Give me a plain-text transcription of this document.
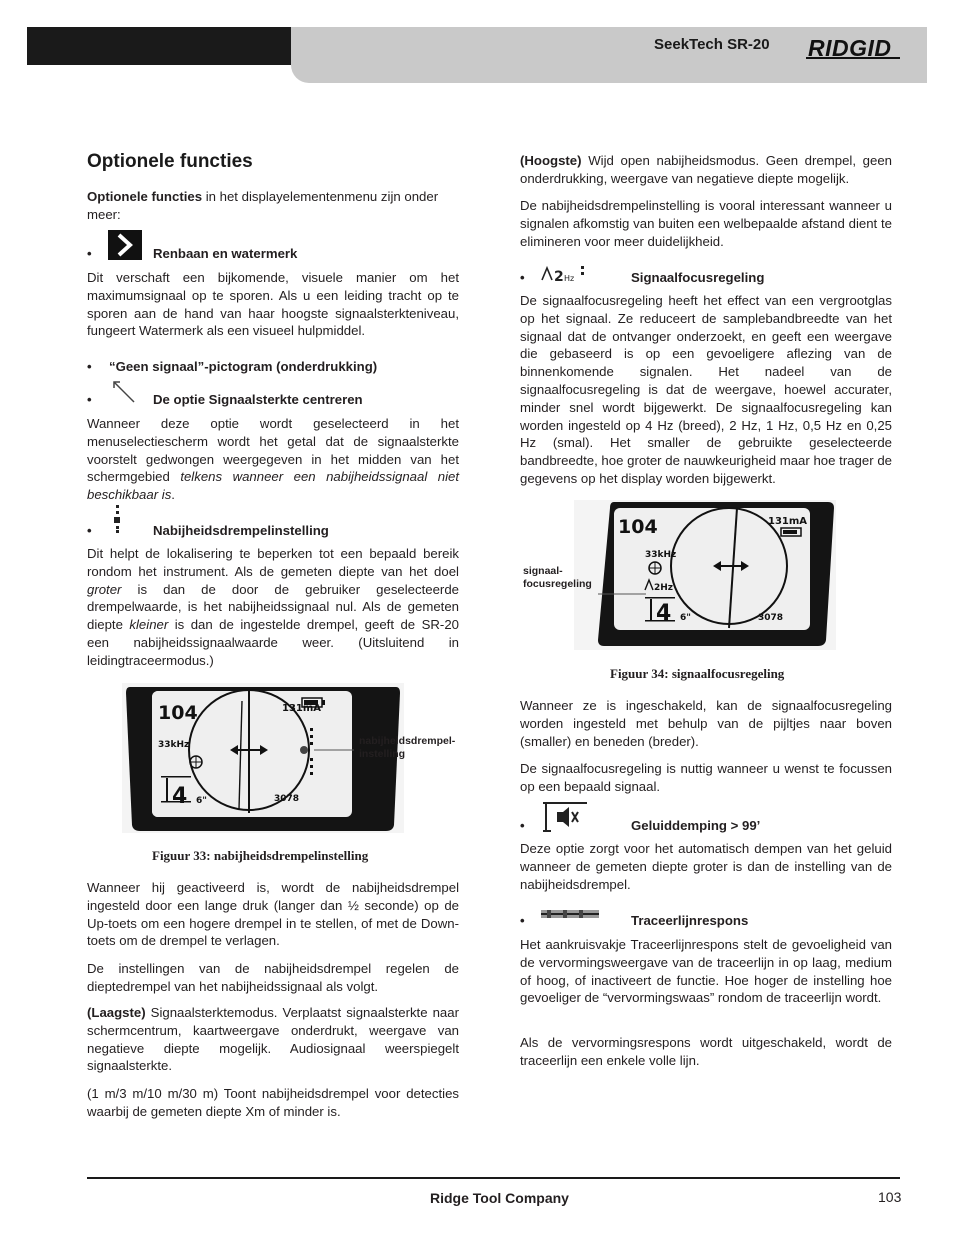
SeekTech SR-20 RIDGID
Optionele functies
Optionele functies in het displayelementenmenu zijn onder meer:
•	Renbaan en watermerk
Dit verschaft een bijkomende, visuele manier om het maximumsignaal op te sporen. Als u een leiding tracht op te sporen aan de hand van haar hoogste signaalsterkteniveau, fungeert Watermerk als een visueel hulpmiddel.
• “Geen signaal”-pictogram (onderdrukking)
•	De optie Signaalsterkte centreren
Wanneer deze optie wordt geselecteerd in het menuselectiescherm wordt het getal dat de signaalsterkte voorstelt gedwongen weergegeven in het midden van het schermgebied telkens wanneer een nabijheidssignaal niet beschikbaar is.
•	Nabijheidsdrempelinstelling
Dit helpt de lokalisering te beperken tot een bepaald bereik rondom het instrument. Als de gemeten diepte van het doel groter is dan de door de gebruiker geselecteerde drempelwaarde, is het nabijheidssignaal nul. Als de gemeten diepte kleiner is dan de ingestelde drempel, geeft de SR-20 een nabijheidssignaalwaarde weer. (Uitsluitend in leidingtraceermodus.)
131mA
3078
104
33kHz
4 6"
nabijheidsdrempel-instelling
Figuur 33: nabijheidsdrempelinstelling
Wanneer hij geactiveerd is, wordt de nabijheidsdrempel ingesteld door een lange druk (langer dan ½ seconde) op de Up-toets om een hogere drempel in te stellen, of met de Down-toets om de drempel te verlagen.
De instellingen van de nabijheidsdrempel regelen de dieptedrempel van het nabijheidssignaal als volgt.
(Laagste) Signaalsterktemodus. Verplaatst signaalsterkte naar schermcentrum, kaartweergave onderdrukt, weergave van negatieve diepte mogelijk. Audiosignaal weerspiegelt signaalsterkte.
(1 m/3 m/10 m/30 m) Toont nabijheidsdrempel voor detecties waarbij de gemeten diepte Xm of minder is.
(Hoogste) Wijd open nabijheidsmodus. Geen drempel, geen onderdrukking, weergave van negatieve diepte mogelijk.
De nabijheidsdrempelinstelling is vooral interessant wanneer u signalen afkomstig van buiten een welbepaalde afstand dient te elimineren voor meer duidelijkheid.
• 2 Hz	Signaalfocusregeling
De signaalfocusregeling heeft het effect van een vergrootglas op het signaal. Ze reduceert de samplebandbreedte van het signaal dat de ontvanger onderzoekt, en geeft een weergave die gebaseerd is op een gevoeligere aflezing van de binnenkomende signalen. Het nadeel van de signaalfocusregeling is dat de weergave, hoewel accurater, minder snel wordt bijgewerkt. De signaalfocusregeling kan worden ingesteld op 4 Hz (breed), 2 Hz, 1 Hz, 0,5 Hz en 0,25 Hz (smal). Het smaller de gebruikte geselecteerde bandbreedte, hoe groter de nauwkeurigheid maar hoe trager de gegevens op het display worden bijgewerkt.
131mA
3078
104
33kHz
2Hz
4 6"
signaal-focusregeling
Figuur 34: signaalfocusregeling
Wanneer ze is ingeschakeld, kan de signaalfocusregeling worden ingesteld met behulp van de pijltjes naar boven (smaller) en beneden (breder).
De signaalfocusregeling is nuttig wanneer u wenst te focussen op een bepaald signaal.
•	Geluiddemping > 99’
Deze optie zorgt voor het automatisch dempen van het geluid wanneer de gemeten diepte groter is dan de instelling van de nabijheidsdrempel.
•	Traceerlijnrespons
Het aankruisvakje Traceerlijnrespons stelt de gevoeligheid van de vervormingsweergave van de traceerlijn in op laag, medium of hoog, of inactiveert de functie. Hoe hoger de instelling hoe gevoeliger de “vervormingswaas” rondom de traceerlijn wordt.
Als de vervormingsrespons wordt uitgeschakeld, wordt de traceerlijn een enkele volle lijn.
Ridge Tool Company	103
